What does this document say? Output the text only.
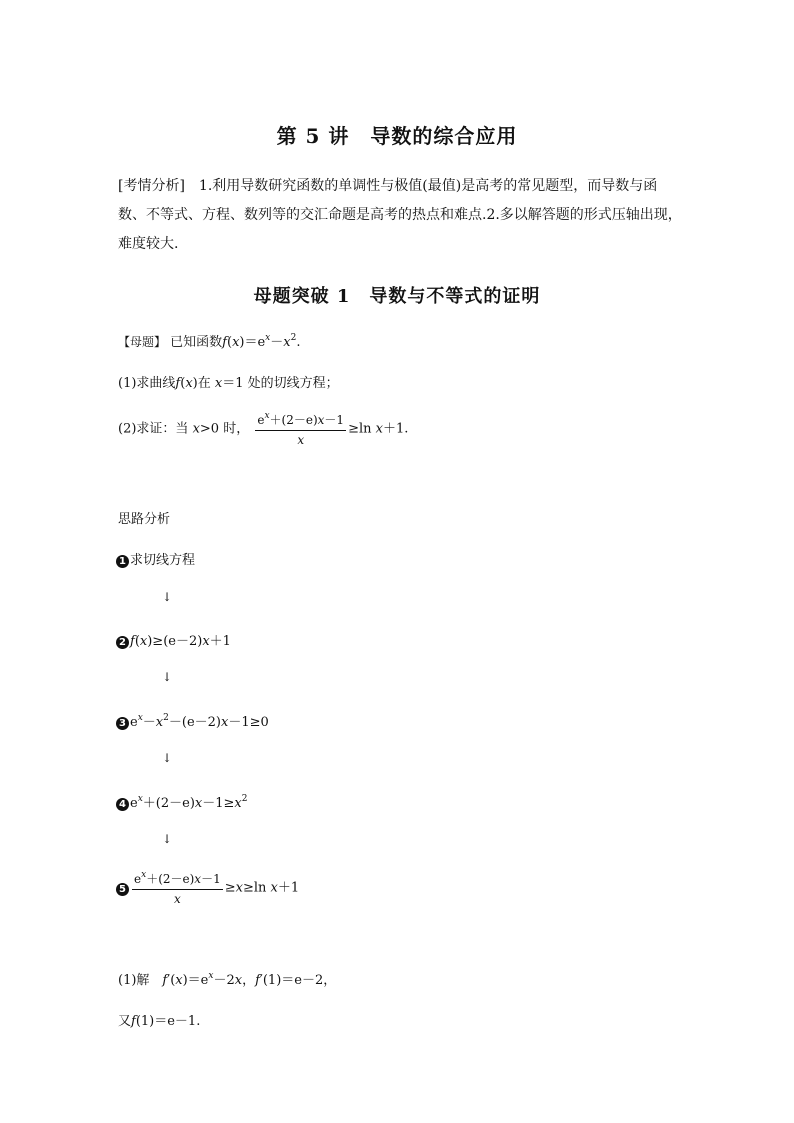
第 5 讲　导数的综合应用
[考情分析]　1.利用导数研究函数的单调性与极值(最值)是高考的常见题型，而导数与函数、不等式、方程、数列等的交汇命题是高考的热点和难点.2.多以解答题的形式压轴出现，难度较大.
母题突破 1　导数与不等式的证明
【母题】 已知函数$f(x)=e^x-x^2$.
(1)求曲线f(x)在 x＝1 处的切线方程；
(2)求证：当 x>0 时， $\frac{e^x+(2-e)x-1}{x} \ge\ln$ x＋1.
思路分析
1 求切线方程
↓
2 f(x)≥(e－2)x＋1
↓
3 $e^x-x^2-(e-2)x-1\ge 0$
↓
4 $e^x+(2-e)x-1\ge x^2$
↓
$5 \frac{e^x+(2-e)x-1}{x} \ge x\ge\ln$ x＋1
(1)解　$f'(x)=e^x-2x$，f′(1)＝e－2，
又f(1)＝e－1.
